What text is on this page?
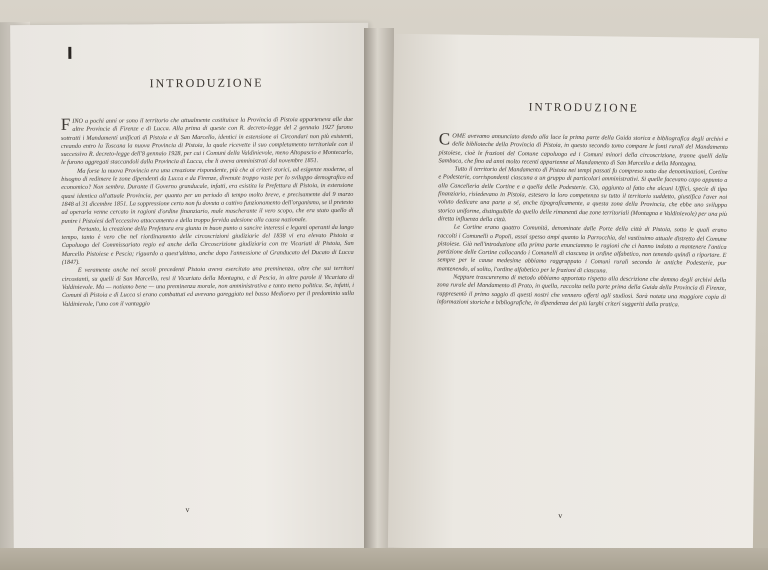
INTRODUZIONE

FINO a pochi anni or sono il territorio che attualmente costituisce la Provincia di Pistoia apparteneva alle due altre Provincie di Firenze e di Lucca. Alla prima di queste con R. decreto-legge del 2 gennaio 1927 furono sottratti i Mandamenti unificati di Pistoia e di San Marcello, identici in estensione ai Circondari non più esistenti, creando entro la Toscana la nuova Provincia di Pistoia, la quale ricevette il suo completamento territoriale con il successivo R. decreto-legge dell'8 gennaio 1928, per cui i Comuni della Valdinievole, meno Altopascio e Montecarlo, le furono aggregati staccandoli dalla Provincia di Lucca, che li aveva amministrati dal novembre 1851.

Ma forse la nuova Provincia era una creazione rispondente, più che ai criteri storici, ad esigenze moderne, al bisogno di redimere le zone dipendenti da Lucca e da Firenze, divenute troppo vaste per lo sviluppo demografico ed economico? Non sembra. Durante il Governo granducale, infatti, era esistita la Prefettura di Pistoia, in estensione quasi identica all'attuale Provincia, per quanto per un periodo di tempo molto breve, e precisamente dal 9 marzo 1848 al 31 dicembre 1851. La soppressione certo non fu dovuta a cattivo funzionamento dell'organismo, se il pretesto ad operarla venne cercato in ragioni d'ordine finanziario, male mascherante il vero scopo, che era stato quello di punire i Pistoiesi dell'eccessivo attaccamento e della troppo fervida adesione alla causa nazionale.

Pertanto, la creazione della Prefettura era giunta in buon punto a sancire interessi e legami operanti da lungo tempo, tanto è vero che nel riordinamento delle circoscrizioni giudiziarie del 1838 vi era elevato Pistoia a Capoluogo del Commissariato regio ed anche della Circoscrizione giudiziaria con tre Vicariati di Pistoia, San Marcello Pistoiese e Pescia; riguardo a quest'ultimo, anche dopo l'annessione al Granducato del Ducato di Lucca (1847).

E veramente anche nei secoli precedenti Pistoia aveva esercitato una preminenza, oltre che sui territori circostanti, su quelli di San Marcello, resi il Vicariato della Montagna, e di Pescia, in altre parole il Vicariato di Valdinievole. Ma — notiamo bene — una preminenza morale, non amministrativa e tanto meno politica. Se, infatti, i Comuni di Pistoia e di Lucca si erano combattuti ed avevano gareggiato nel basso Medioevo per il predominio sulla Valdinievole, l'uno con il vantaggio

v
INTRODUZIONE

COME avevamo annunciato dando alla luce la prima parte della Guida storica e bibliografica degli archivi e delle biblioteche della Provincia di Pistoia, in questo secondo tomo compare le fonti rurali del Mandamento pistoiese, cioè le frazioni del Comune capoluogo ed i Comuni minori della circoscrizione, tranne quelli della Sambuca, che fino ad anni molto recenti appartenne al Mandamento di San Marcello e della Montagna.

Tutto il territorio del Mandamento di Pistoia nei tempi passati fu compreso sotto due denominazioni, Cortine e Podesterie, corrispondenti ciascuna a un gruppo di particolari amministrativi. Si quelle facevano capo appunto a alla Cancelleria delle Cortine e a quella delle Podesterie. Ciò, aggiunto al fatto che alcuni Uffici, specie di tipo finanziario, risiedevano in Pistoia, estesero la loro competenza su tutto il territorio suddetto, giustifica l'aver noi voluto dedicare una parte a sé, anche tipograficamente, a questa zona della Provincia, che ebbe uno sviluppo storico uniforme, distinguibile da quello delle rimanenti due zone territoriali (Montagna e Valdinievole) per una più diretta influenza della città.

Le Cortine erano quattro Comunità, denominate dalle Porte della città di Pistoia, sotto le quali erano raccolti i Comunelli o Popoli, assai spesso ampi quanto la Parrocchia, del vastissimo attuale distretto del Comune pistoiese. Già nell'introduzione alla prima parte enunciammo le ragioni che ci hanno indotto a mantenere l'antica partizione delle Cortine collocando i Comunelli di ciascuna in ordine alfabetico, non tenendo quindi a riportare. E sempre per le cause medesime abbiamo raggruppato i Comuni rurali secondo le antiche Podesterie, pur mantenendo, al solito, l'ordine alfabetico per le frazioni di ciascuna.

Neppure trascureremo di metodo abbiamo apportato rispetto alla descrizione che demmo degli archivi della zona rurale del Mandamento di Prato, in quella, raccolta nella parte prima della Guida della Provincia di Firenze, rappresentò il primo saggio di questi nostri che vennero offerti agli studiosi. Sarà notata una maggiore copia di informazioni storiche e bibliografiche, in dipendenza dei più larghi criteri suggeriti dalla pratica.

v
